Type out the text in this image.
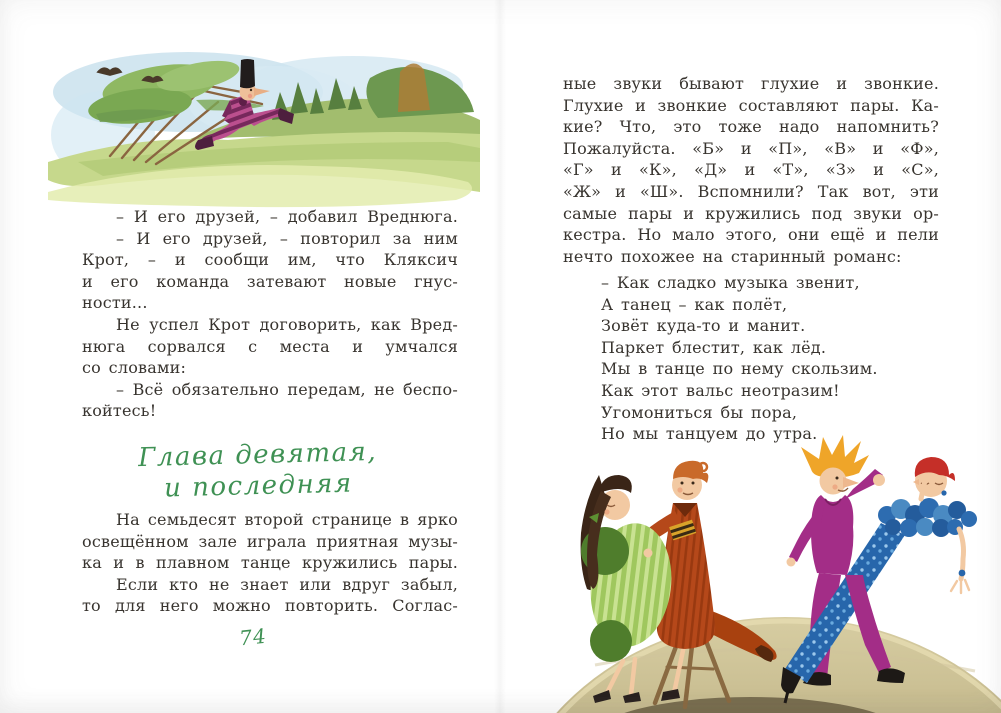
– И его друзей, – добавил Вреднюга.
– И его друзей, – повторил за ним
Крот, – и сообщи им, что Кляксич
и его команда затевают новые гнус-
ности...
Не успел Крот договорить, как Вред-
нюга сорвался с места и умчался
со словами:
– Всё обязательно передам, не беспо-
койтесь!
Глава девятая,
и последняя
На семьдесят второй странице в ярко
освещённом зале играла приятная музы-
ка и в плавном танце кружились пары.
Если кто не знает или вдруг забыл,
то для него можно повторить. Соглас-
74
ные звуки бывают глухие и звонкие.
Глухие и звонкие составляют пары. Ка-
кие? Что, это тоже надо напомнить?
Пожалуйста. «Б» и «П», «В» и «Ф»,
«Г» и «К», «Д» и «Т», «З» и «С»,
«Ж» и «Ш». Вспомнили? Так вот, эти
самые пары и кружились под звуки ор-
кестра. Но мало этого, они ещё и пели
нечто похожее на старинный романс:
– Как сладко музыка звенит,
А танец – как полёт,
Зовёт куда-то и манит.
Паркет блестит, как лёд.
Мы в танце по нему скользим.
Как этот вальс неотразим!
Угомониться бы пора,
Но мы танцуем до утра.
